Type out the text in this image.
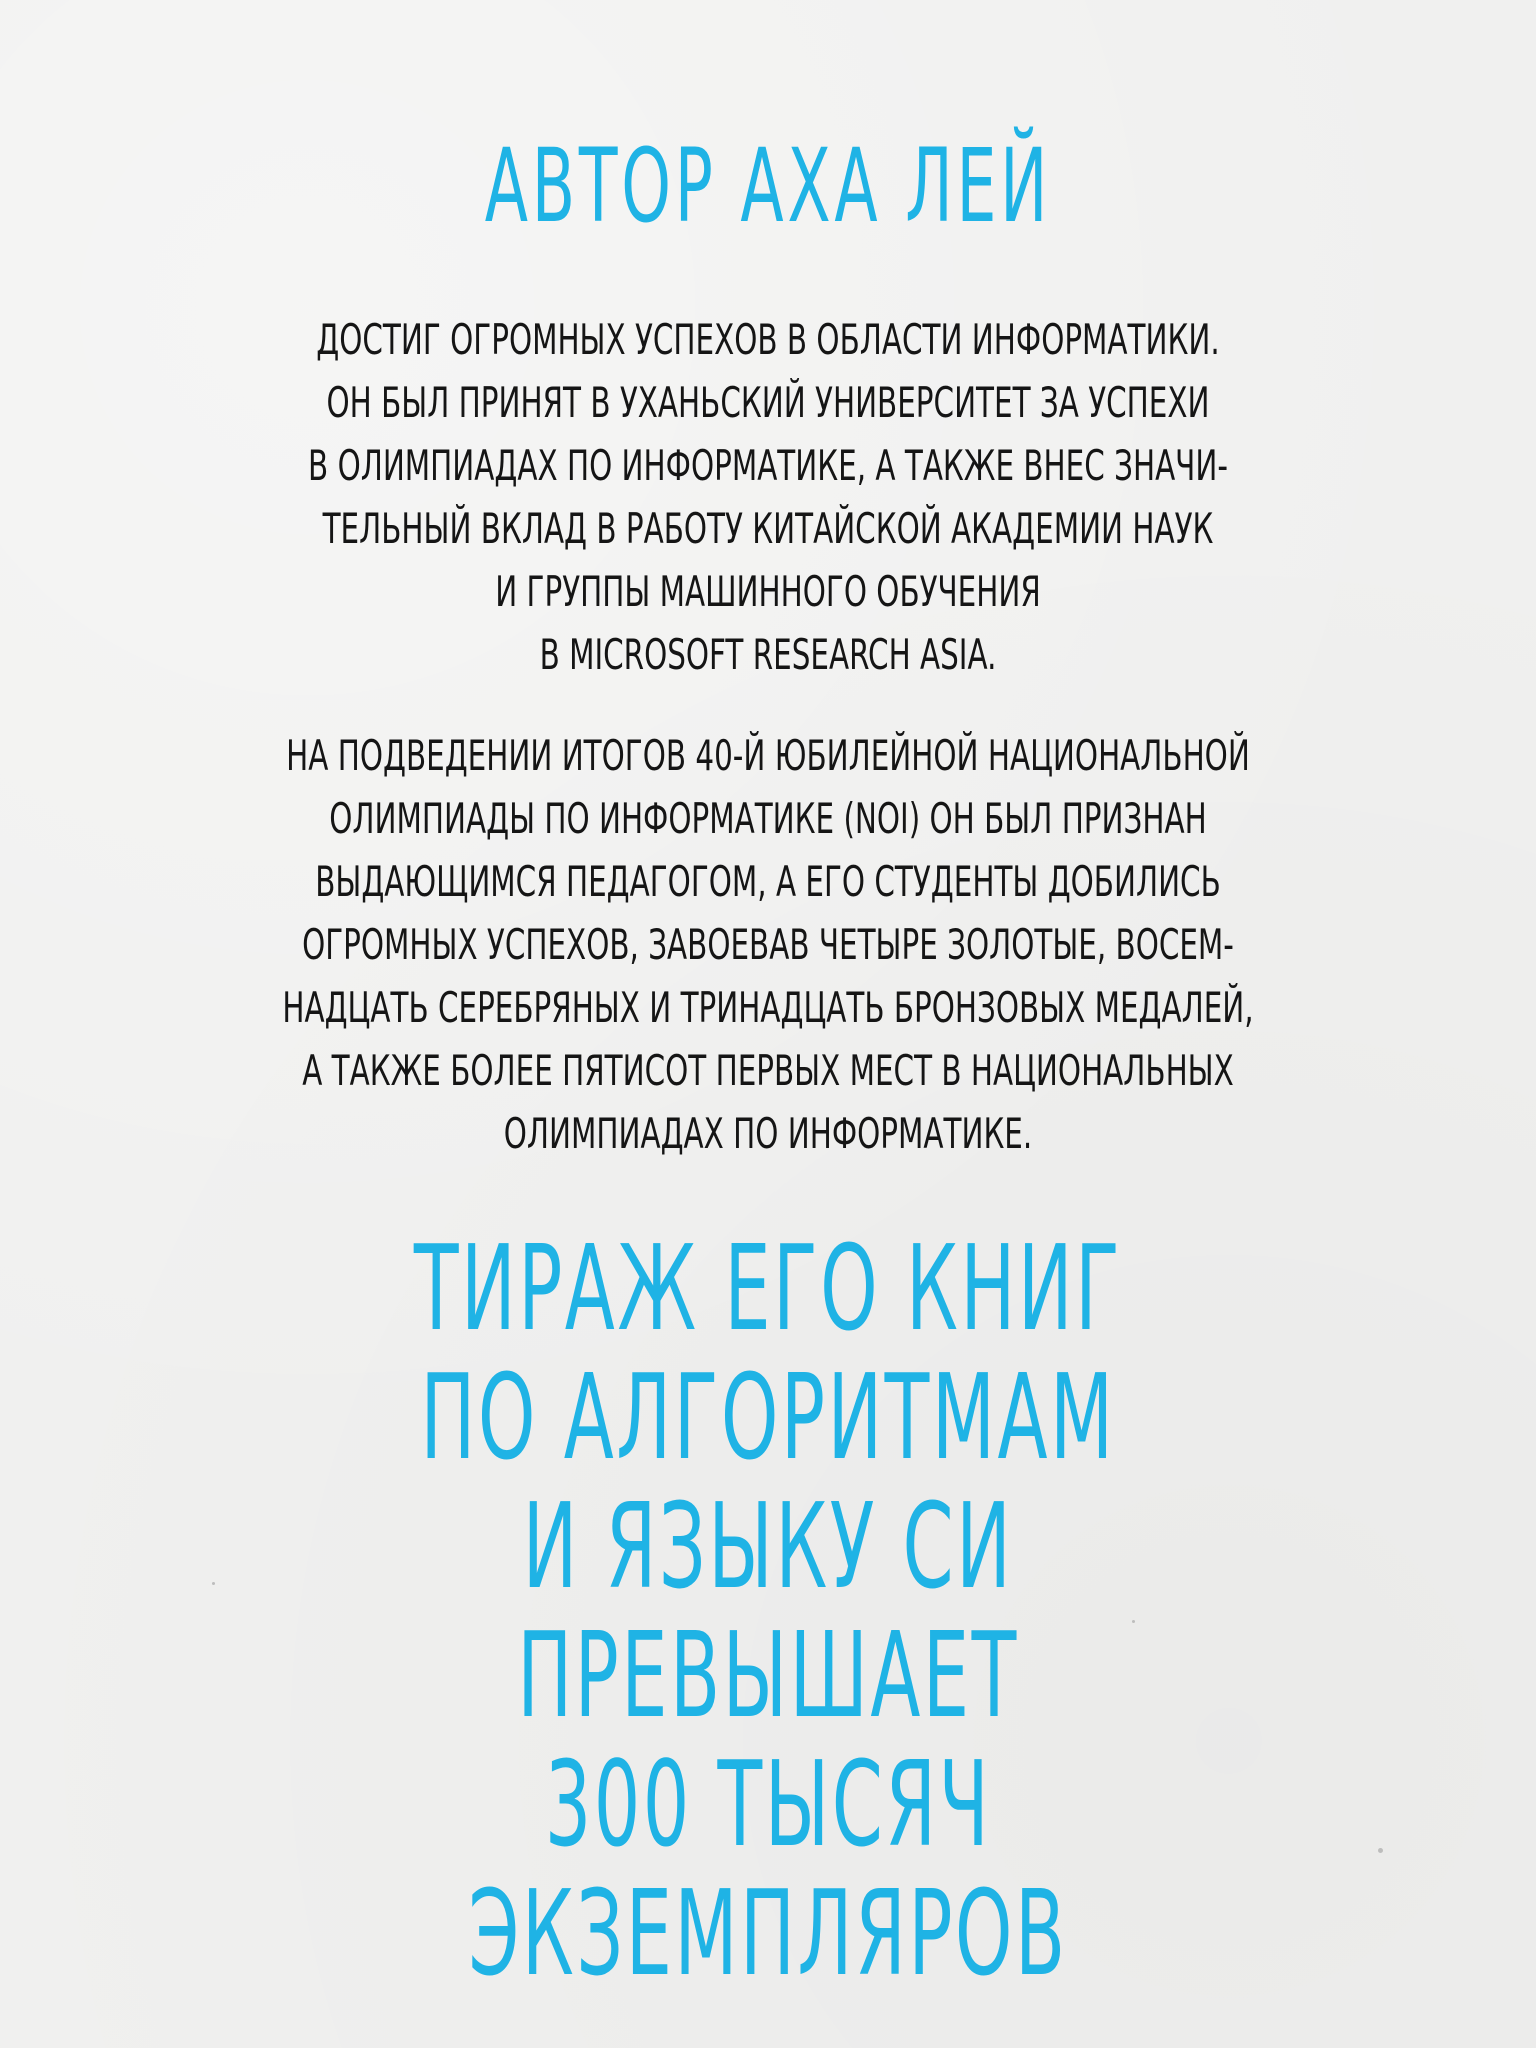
АВТОР АХА ЛЕЙ

ДОСТИГ ОГРОМНЫХ УСПЕХОВ В ОБЛАСТИ ИНФОРМАТИКИ.
ОН БЫЛ ПРИНЯТ В УХАНЬСКИЙ УНИВЕРСИТЕТ ЗА УСПЕХИ
В ОЛИМПИАДАХ ПО ИНФОРМАТИКЕ, А ТАКЖЕ ВНЕС ЗНАЧИ-
ТЕЛЬНЫЙ ВКЛАД В РАБОТУ КИТАЙСКОЙ АКАДЕМИИ НАУК
И ГРУППЫ МАШИННОГО ОБУЧЕНИЯ
В MICROSOFT RESEARCH ASIA.

НА ПОДВЕДЕНИИ ИТОГОВ 40-Й ЮБИЛЕЙНОЙ НАЦИОНАЛЬНОЙ
ОЛИМПИАДЫ ПО ИНФОРМАТИКЕ (NOI) ОН БЫЛ ПРИЗНАН
ВЫДАЮЩИМСЯ ПЕДАГОГОМ, А ЕГО СТУДЕНТЫ ДОБИЛИСЬ
ОГРОМНЫХ УСПЕХОВ, ЗАВОЕВАВ ЧЕТЫРЕ ЗОЛОТЫЕ, ВОСЕМ-
НАДЦАТЬ СЕРЕБРЯНЫХ И ТРИНАДЦАТЬ БРОНЗОВЫХ МЕДАЛЕЙ,
А ТАКЖЕ БОЛЕЕ ПЯТИСОТ ПЕРВЫХ МЕСТ В НАЦИОНАЛЬНЫХ
ОЛИМПИАДАХ ПО ИНФОРМАТИКЕ.

ТИРАЖ ЕГО КНИГ
ПО АЛГОРИТМАМ
И ЯЗЫКУ СИ
ПРЕВЫШАЕТ
300 ТЫСЯЧ
ЭКЗЕМПЛЯРОВ
